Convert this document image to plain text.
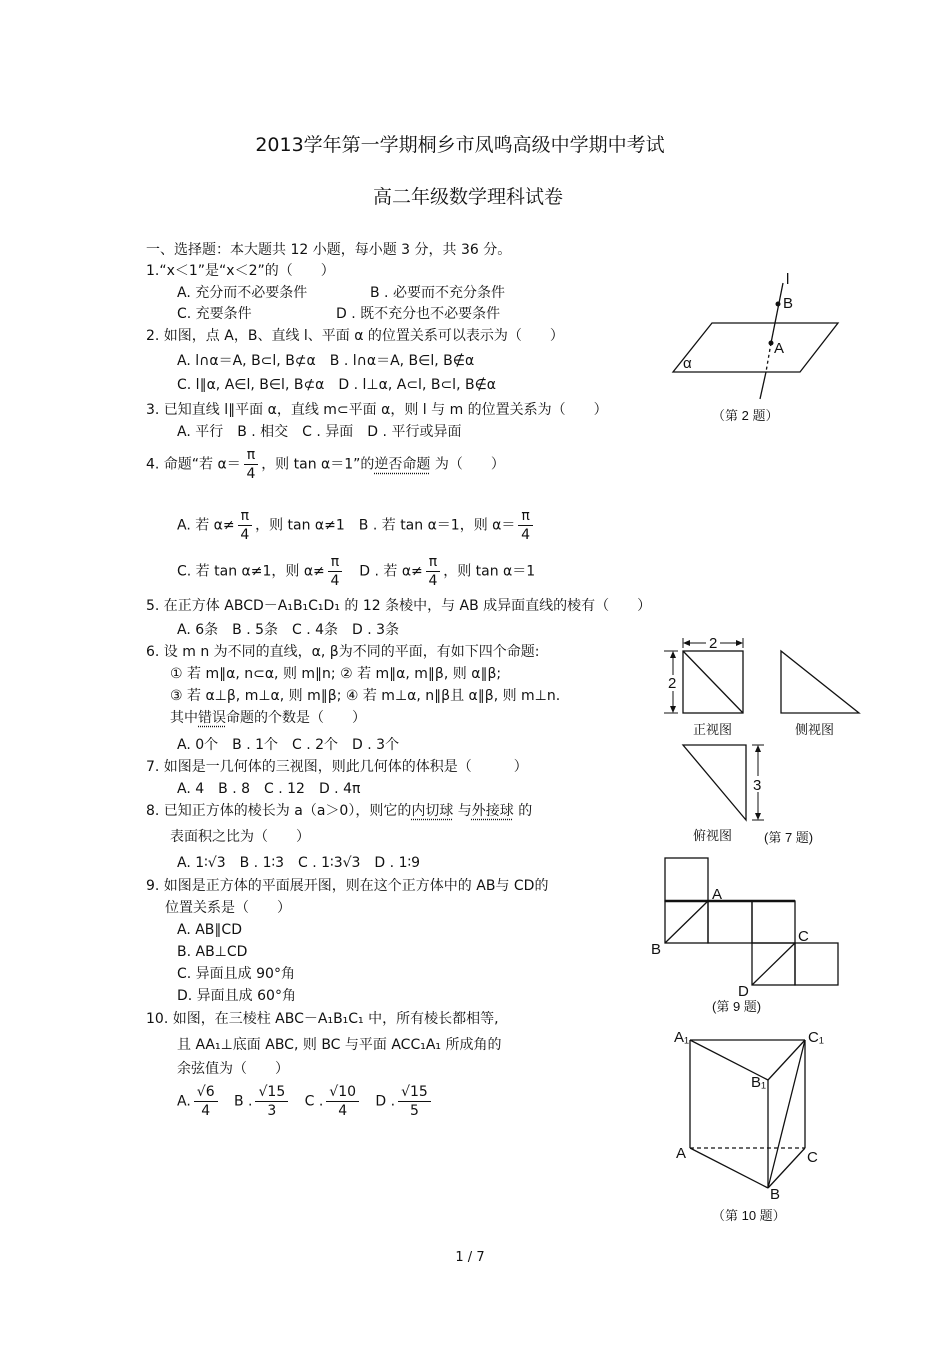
2013学年第一学期桐乡市凤鸣高级中学期中考试
高二年级数学理科试卷
一、选择题：本大题共 12 小题，每小题 3 分，共 36 分。
1.“x＜1”是“x＜2”的（　　）
A. 充分而不必要条件	B . 必要而不充分条件
C. 充要条件	D . 既不充分也不必要条件
2. 如图，点 A，B、直线 l、平面 α 的位置关系可以表示为（　　）
A. l∩α＝A, B⊂l, B⊄α　B . l∩α＝A, B∈l, B∉α
C. l∥α, A∈l, B∈l, B⊄α　D . l⊥α, A⊂l, B⊂l, B∉α
3. 已知直线 l∥平面 α，直线 m⊂平面 α，则 l 与 m 的位置关系为（　　）
A. 平行　B . 相交　C . 异面　D . 平行或异面
4. 命题“若 $\alpha= \frac{\pi}{4}$ ，则 tan α＝1”的逆否命题 为（　　）
A. 若 $\alpha\ne \frac{\pi}{4}$ ，则 tan α≠1　B . 若 tan α＝1，则 $\alpha= \frac{\pi}{4}$
C. 若 tan α≠1，则 $\alpha\ne \frac{\pi}{4}$ 　D . 若 $\alpha\ne \frac{\pi}{4}$ ，则 tan α＝1
5. 在正方体 ABCD－A₁B₁C₁D₁ 的 12 条棱中，与 AB 成异面直线的棱有（　　）
A. 6条　B . 5条　C . 4条　D . 3条
6. 设 m n 为不同的直线，α, β为不同的平面，有如下四个命题:
① 若 m∥α, n⊂α, 则 m∥n; ② 若 m∥α, m∥β, 则 α∥β;
③ 若 α⊥β, m⊥α, 则 m∥β; ④ 若 m⊥α, n∥β且 α∥β, 则 m⊥n.
其中错误命题的个数是（　　）
A. 0个　B . 1个　C . 2个　D . 3个
7. 如图是一几何体的三视图，则此几何体的体积是（　　　）
A. 4　B . 8　C . 12　D . 4π
8. 已知正方体的棱长为 a（a＞0），则它的内切球 与外接球 的
表面积之比为（　　）
A. 1∶√3　B . 1∶3　C . 1∶3√3　D . 1∶9
9. 如图是正方体的平面展开图，则在这个正方体中的 AB与 CD的
位置关系是（　　）
A. AB∥CD
B. AB⊥CD
C. 异面且成 90°角
D. 异面且成 60°角
10. 如图，在三棱柱 ABC－A₁B₁C₁ 中，所有棱长都相等,
且 AA₁⊥底面 ABC, 则 BC 与平面 ACC₁A₁ 所成角的
余弦值为（　　）
A. $\frac{√6}{4}$ B . $\frac{√15}{3}$ C . $\frac{√10}{4}$ D . $\frac{√15}{5}$
l
B
A
α
（第 2 题）
2
2
正视图	侧视图
3
俯视图 (第 7 题)
A
B
C
D
(第 9 题)
A₁	C₁
B₁
A	C
B
（第 10 题）
1 / 7
